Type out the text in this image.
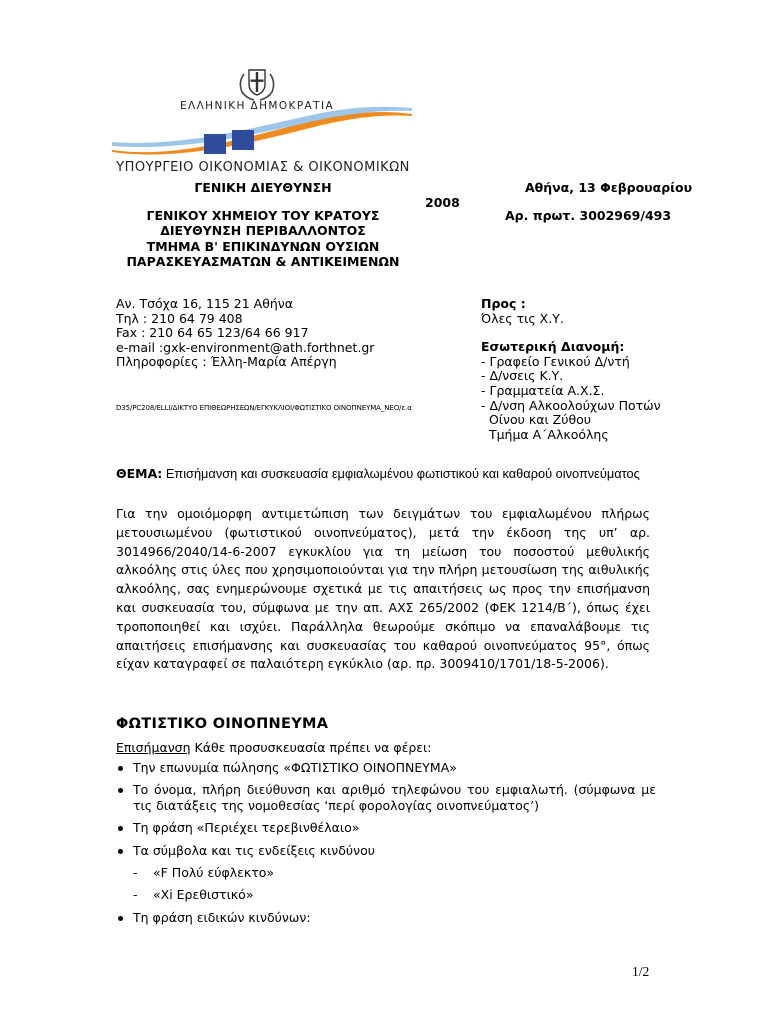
ΕΛΛΗΝΙΚΗ ΔΗΜΟΚΡΑΤΙΑ
ΥΠΟΥΡΓΕΙΟ ΟΙΚΟΝΟΜΙΑΣ & ΟΙΚΟΝΟΜΙΚΩΝ
ΓΕΝΙΚΗ ΔΙΕΥΘΥΝΣΗ
ΓΕΝΙΚΟΥ ΧΗΜΕΙΟΥ ΤΟΥ ΚΡΑΤΟΥΣ
ΔΙΕΥΘΥΝΣΗ ΠΕΡΙΒΑΛΛΟΝΤΟΣ
ΤΜΗΜΑ Β' ΕΠΙΚΙΝΔΥΝΩΝ ΟΥΣΙΩΝ
ΠΑΡΑΣΚΕΥΑΣΜΑΤΩΝ & ΑΝΤΙΚΕΙΜΕΝΩΝ
Αθήνα, 13 Φεβρουαρίου
Αρ. πρωτ. 3002969/493
2008
Αν. Τσόχα 16, 115 21 Αθήνα
Τηλ : 210 64 79 408
Fax : 210 64 65 123/64 66 917
e-mail :gxk-environment@ath.forthnet.gr
Πληροφορίες : Έλλη-Μαρία Απέργη
D35/PC208/ELLI/ΔΙΚΤΥΟ ΕΠΙΘΕΩΡΗΣΕΩΝ/ΕΓΚΥΚΛΙΟΙ/ΦΩΤΙΣΤΙΚΟ ΟΙΝΟΠΝΕΥΜΑ_ΝΕΟ/ε.α
Προς :
Όλες τις Χ.Υ.
Εσωτερική Διανομή:
- Γραφείο Γενικού Δ/ντή
- Δ/νσεις Κ.Υ.
- Γραμματεία Α.Χ.Σ.
- Δ/νση Αλκοολούχων Ποτών
Οίνου και Ζύθου
Τμήμα Α΄Αλκοόλης
ΘΕΜΑ: Επισήμανση και συσκευασία εμφιαλωμένου φωτιστικού και καθαρού οινοπνεύματος
Για την ομοιόμορφη αντιμετώπιση των δειγμάτων του εμφιαλωμένου πλήρως μετουσιωμένου (φωτιστικού οινοπνεύματος), μετά την έκδοση της υπ’ αρ. 3014966/2040/14-6-2007 εγκυκλίου για τη μείωση του ποσοστού μεθυλικής αλκοόλης στις ύλες που χρησιμοποιούνται για την πλήρη μετουσίωση της αιθυλικής αλκοόλης, σας ενημερώνουμε σχετικά με τις απαιτήσεις ως προς την επισήμανση και συσκευασία του, σύμφωνα με την απ. ΑΧΣ 265/2002 (ΦΕΚ 1214/Β΄), όπως έχει τροποποιηθεί και ισχύει. Παράλληλα θεωρούμε σκόπιμο να επαναλάβουμε τις απαιτήσεις επισήμανσης και συσκευασίας του καθαρού οινοπνεύματος 95°, όπως είχαν καταγραφεί σε παλαιότερη εγκύκλιο (αρ. πρ. 3009410/1701/18-5-2006).
ΦΩΤΙΣΤΙΚΟ ΟΙΝΟΠΝΕΥΜΑ
Επισήμανση Κάθε προσυσκευασία πρέπει να φέρει:
Την επωνυμία πώλησης «ΦΩΤΙΣΤΙΚΟ ΟΙΝΟΠΝΕΥΜΑ»
Το όνομα, πλήρη διεύθυνση και αριθμό τηλεφώνου του εμφιαλωτή. (σύμφωνα με τις διατάξεις της νομοθεσίας ‘περί φορολογίας οινοπνεύματος’)
Τη φράση «Περιέχει τερεβινθέλαιο»
Τα σύμβολα και τις ενδείξεις κινδύνου
- «F Πολύ εύφλεκτο»
- «Xi Ερεθιστικό»
Τη φράση ειδικών κινδύνων:
1/2
